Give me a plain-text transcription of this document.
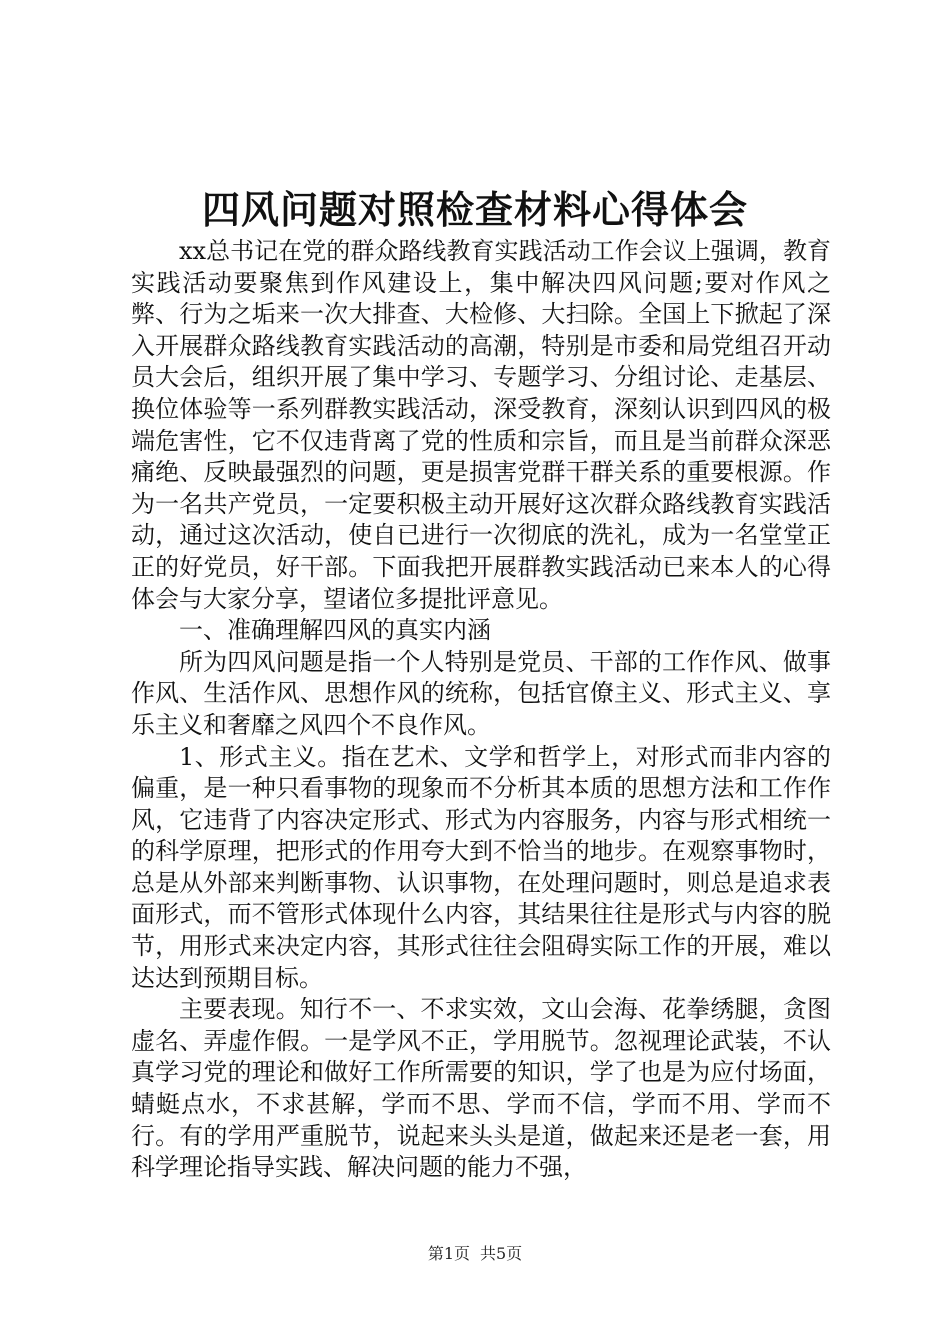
四风问题对照检查材料心得体会

xx总书记在党的群众路线教育实践活动工作会议上强调，教育实践活动要聚焦到作风建设上，集中解决四风问题;要对作风之弊、行为之垢来一次大排查、大检修、大扫除。全国上下掀起了深入开展群众路线教育实践活动的高潮，特别是市委和局党组召开动员大会后，组织开展了集中学习、专题学习、分组讨论、走基层、换位体验等一系列群教实践活动，深受教育，深刻认识到四风的极端危害性，它不仅违背离了党的性质和宗旨，而且是当前群众深恶痛绝、反映最强烈的问题，更是损害党群干群关系的重要根源。作为一名共产党员，一定要积极主动开展好这次群众路线教育实践活动，通过这次活动，使自已进行一次彻底的洗礼，成为一名堂堂正正的好党员，好干部。下面我把开展群教实践活动已来本人的心得体会与大家分享，望诸位多提批评意见。

一、准确理解四风的真实内涵

所为四风问题是指一个人特别是党员、干部的工作作风、做事作风、生活作风、思想作风的统称，包括官僚主义、形式主义、享乐主义和奢靡之风四个不良作风。

1、形式主义。指在艺术、文学和哲学上，对形式而非内容的偏重，是一种只看事物的现象而不分析其本质的思想方法和工作作风，它违背了内容决定形式、形式为内容服务，内容与形式相统一的科学原理，把形式的作用夸大到不恰当的地步。在观察事物时，总是从外部来判断事物、认识事物，在处理问题时，则总是追求表面形式，而不管形式体现什么内容，其结果往往是形式与内容的脱节，用形式来决定内容，其形式往往会阻碍实际工作的开展，难以达达到预期目标。

主要表现。知行不一、不求实效，文山会海、花拳绣腿，贪图虚名、弄虚作假。一是学风不正，学用脱节。忽视理论武装，不认真学习党的理论和做好工作所需要的知识，学了也是为应付场面，蜻蜓点水，不求甚解，学而不思、学而不信，学而不用、学而不行。有的学用严重脱节，说起来头头是道，做起来还是老一套，用科学理论指导实践、解决问题的能力不强，

第1页 共5页
